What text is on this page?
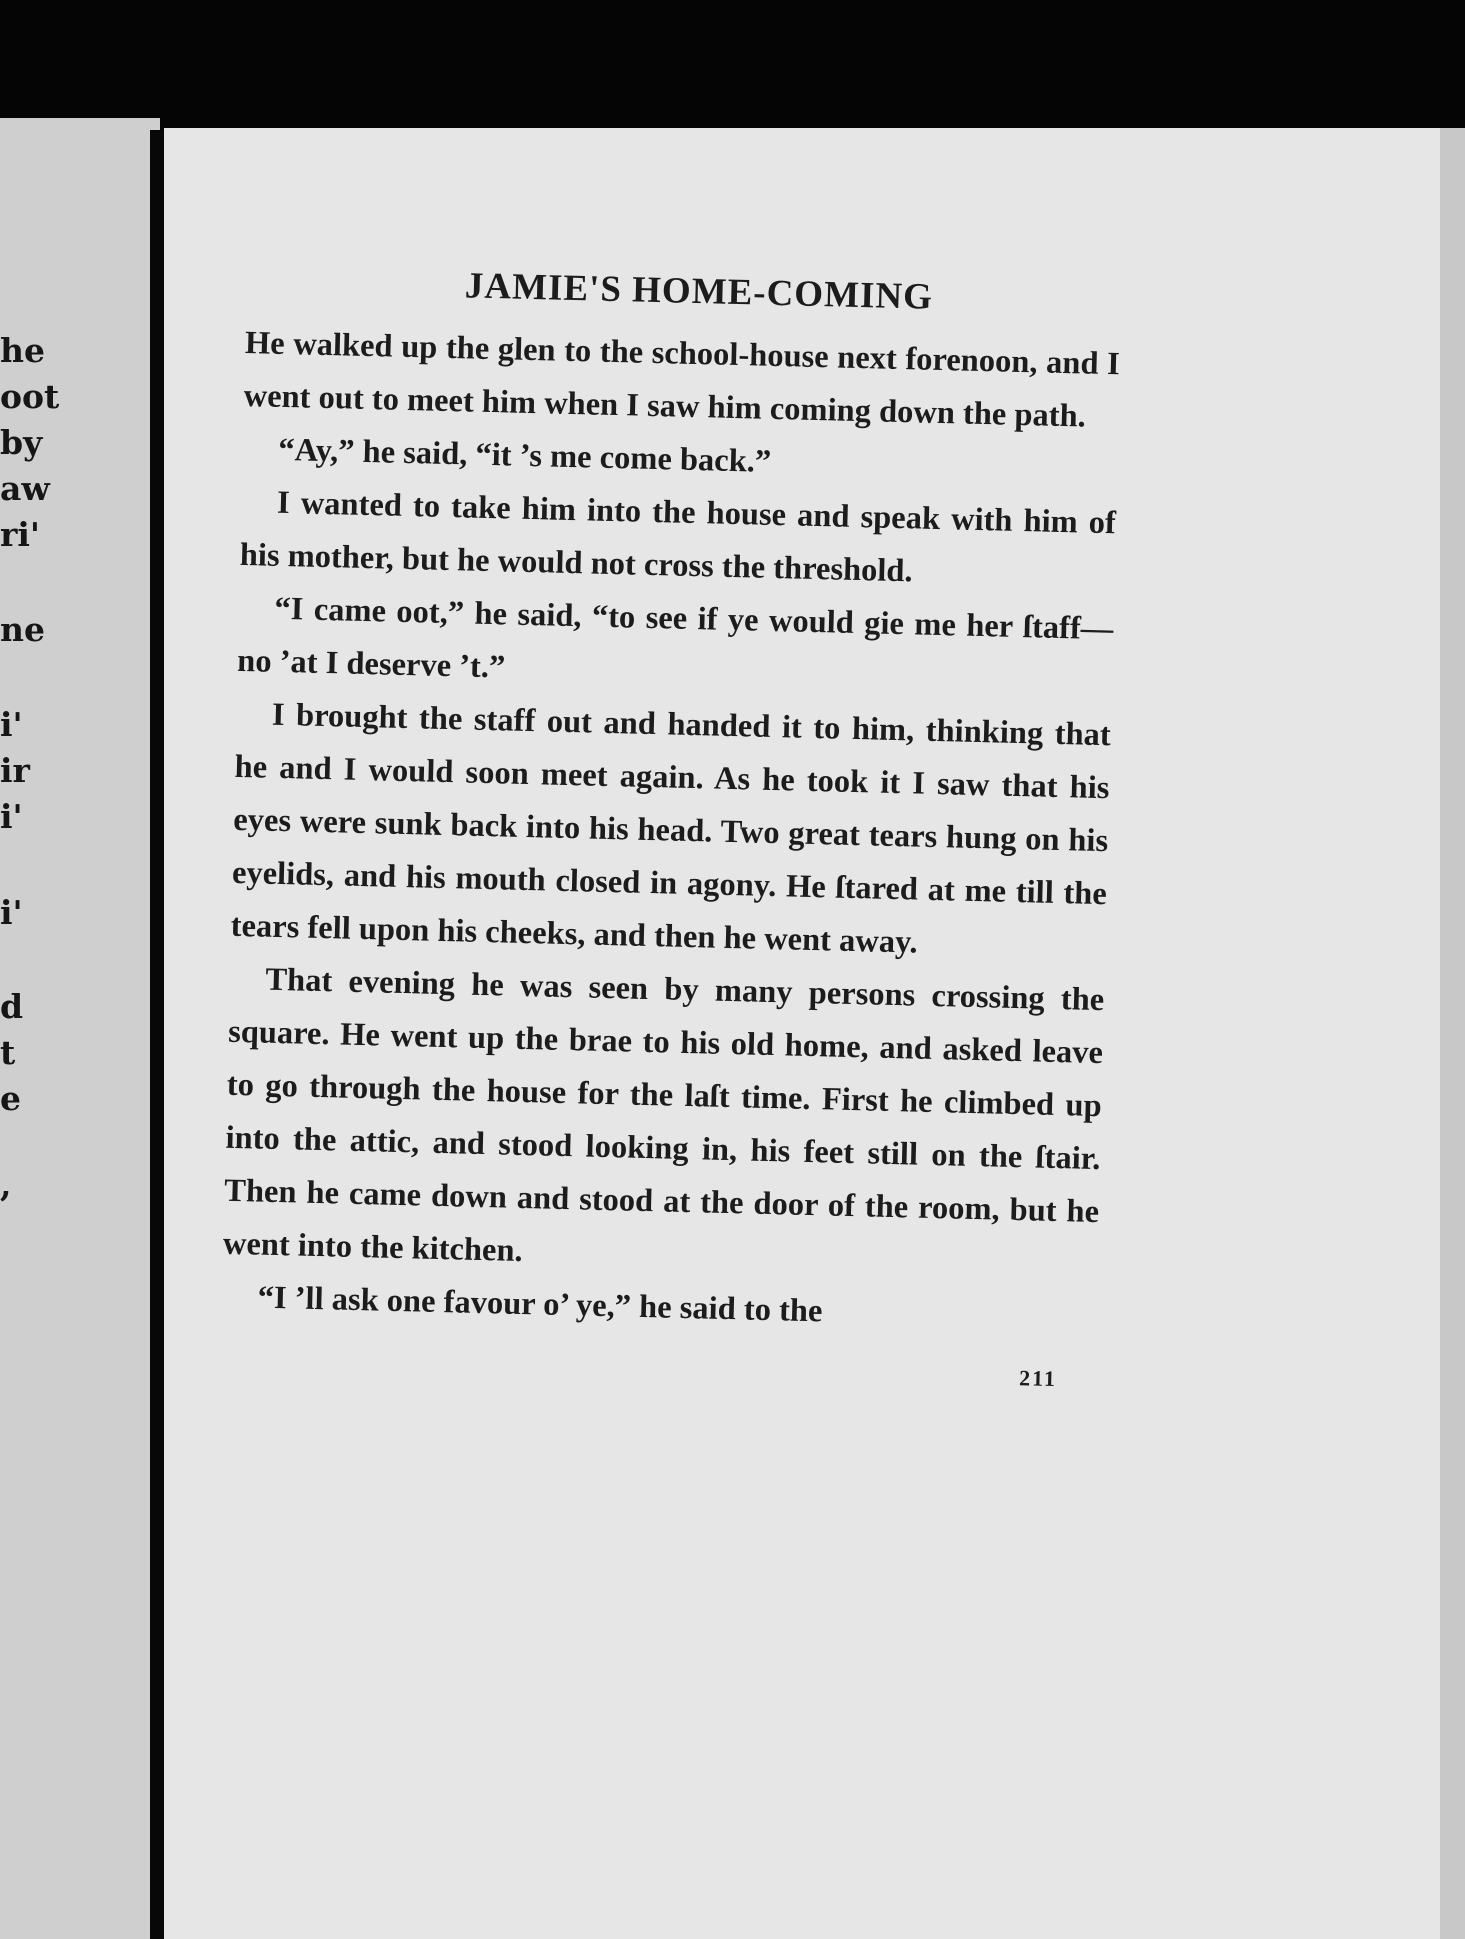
he
oot
by
aw
ri'
ne
i'
ir
i'
i'
d
t
e
,
JAMIE'S HOME-COMING

He walked up the glen to the school-house next forenoon, and I went out to meet him when I saw him coming down the path.

“Ay,” he said, “it ’s me come back.”

I wanted to take him into the house and speak with him of his mother, but he would not cross the threshold.

“I came oot,” he said, “to see if ye would gie me her ſtaff—no ’at I deserve ’t.”

I brought the staff out and handed it to him, thinking that he and I would soon meet again. As he took it I saw that his eyes were sunk back into his head. Two great tears hung on his eyelids, and his mouth closed in agony. He ſtared at me till the tears fell upon his cheeks, and then he went away.

That evening he was seen by many persons crossing the square. He went up the brae to his old home, and asked leave to go through the house for the laſt time. First he climbed up into the attic, and stood looking in, his feet still on the ſtair. Then he came down and stood at the door of the room, but he went into the kitchen.

“I ’ll ask one favour o’ ye,” he said to the

211
